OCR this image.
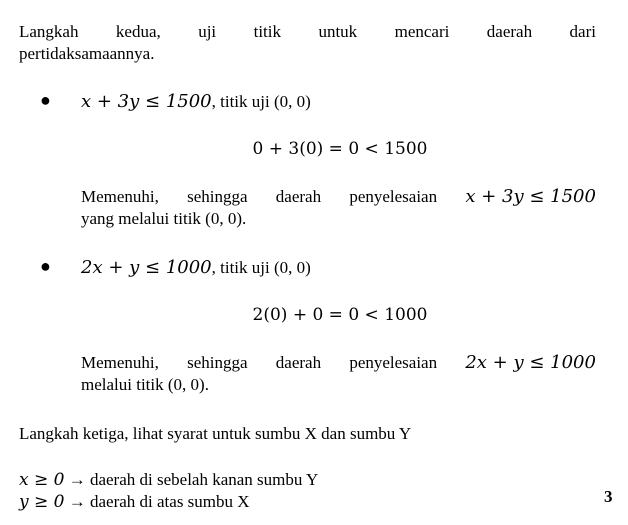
Langkah kedua, uji titik untuk mencari daerah dari
pertidaksamaannya.
● x + 3y ≤ 1500, titik uji (0, 0)
0 + 3(0) = 0 < 1500
Memenuhi, sehingga daerah penyelesaian x + 3y ≤ 1500
yang melalui titik (0, 0).
● 2x + y ≤ 1000, titik uji (0, 0)
2(0) + 0 = 0 < 1000
Memenuhi, sehingga daerah penyelesaian 2x + y ≤ 1000
melalui titik (0, 0).
Langkah ketiga, lihat syarat untuk sumbu X dan sumbu Y
x ≥ 0 → daerah di sebelah kanan sumbu Y
y ≥ 0 → daerah di atas sumbu X	3
